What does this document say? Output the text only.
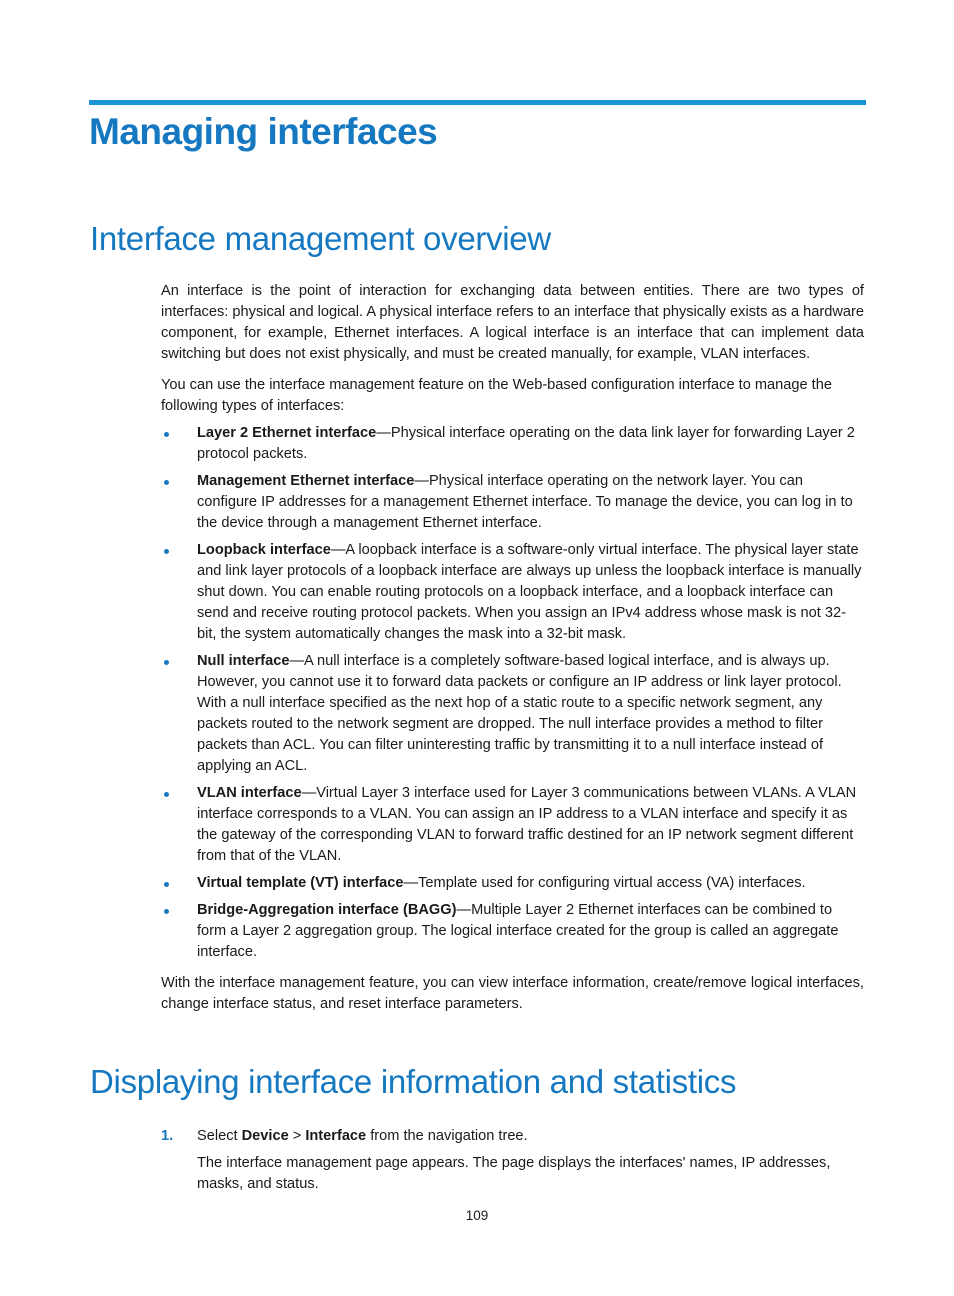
Managing interfaces
Interface management overview

An interface is the point of interaction for exchanging data between entities. There are two types of interfaces: physical and logical. A physical interface refers to an interface that physically exists as a hardware component, for example, Ethernet interfaces. A logical interface is an interface that can implement data switching but does not exist physically, and must be created manually, for example, VLAN interfaces.

You can use the interface management feature on the Web-based configuration interface to manage the following types of interfaces:

Layer 2 Ethernet interface—Physical interface operating on the data link layer for forwarding Layer 2 protocol packets.
Management Ethernet interface—Physical interface operating on the network layer. You can configure IP addresses for a management Ethernet interface. To manage the device, you can log in to the device through a management Ethernet interface.
Loopback interface—A loopback interface is a software-only virtual interface. The physical layer state and link layer protocols of a loopback interface are always up unless the loopback interface is manually shut down. You can enable routing protocols on a loopback interface, and a loopback interface can send and receive routing protocol packets. When you assign an IPv4 address whose mask is not 32-bit, the system automatically changes the mask into a 32-bit mask.
Null interface—A null interface is a completely software-based logical interface, and is always up. However, you cannot use it to forward data packets or configure an IP address or link layer protocol. With a null interface specified as the next hop of a static route to a specific network segment, any packets routed to the network segment are dropped. The null interface provides a method to filter packets than ACL. You can filter uninteresting traffic by transmitting it to a null interface instead of applying an ACL.
VLAN interface—Virtual Layer 3 interface used for Layer 3 communications between VLANs. A VLAN interface corresponds to a VLAN. You can assign an IP address to a VLAN interface and specify it as the gateway of the corresponding VLAN to forward traffic destined for an IP network segment different from that of the VLAN.
Virtual template (VT) interface—Template used for configuring virtual access (VA) interfaces.
Bridge-Aggregation interface (BAGG)—Multiple Layer 2 Ethernet interfaces can be combined to form a Layer 2 aggregation group. The logical interface created for the group is called an aggregate interface.

With the interface management feature, you can view interface information, create/remove logical interfaces, change interface status, and reset interface parameters.

Displaying interface information and statistics
1. Select Device > Interface from the navigation tree.

The interface management page appears. The page displays the interfaces' names, IP addresses, masks, and status.

109
